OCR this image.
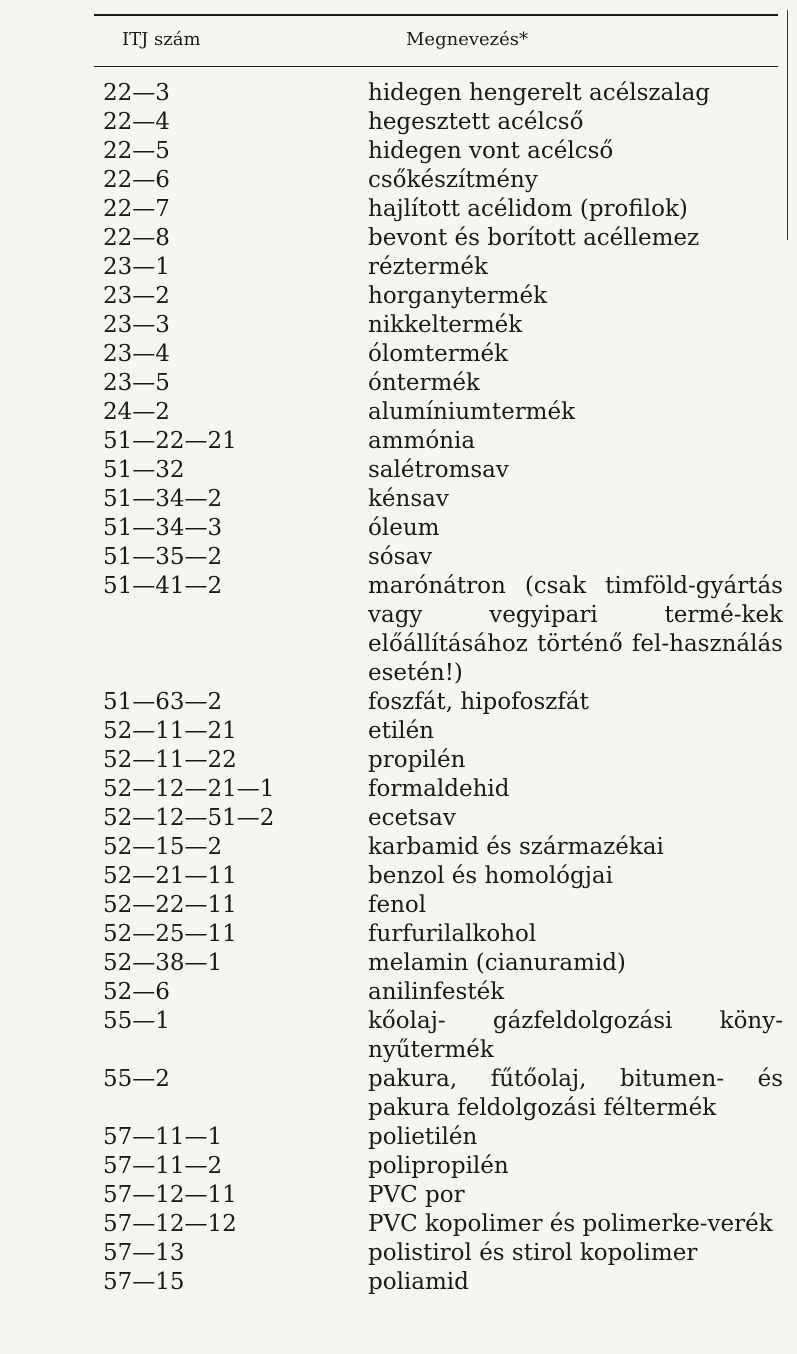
ITJ szám	Megnevezés*
22—3	hidegen hengerelt acélszalag
22—4	hegesztett acélcső
22—5	hidegen vont acélcső
22—6	csőkészítmény
22—7	hajlított acélidom (profilok)
22—8	bevont és borított acéllemez
23—1	réztermék
23—2	horganytermék
23—3	nikkeltermék
23—4	ólomtermék
23—5	óntermék
24—2	alumíniumtermék
51—22—21	ammónia
51—32	salétromsav
51—34—2	kénsav
51—34—3	óleum
51—35—2	sósav
51—41—2	marónátron (csak timföld-gyártás vagy vegyipari termé-kek előállításához történő fel-használás esetén!)
51—63—2	foszfát, hipofoszfát
52—11—21	etilén
52—11—22	propilén
52—12—21—1	formaldehid
52—12—51—2	ecetsav
52—15—2	karbamid és származékai
52—21—11	benzol és homológjai
52—22—11	fenol
52—25—11	furfurilalkohol
52—38—1	melamin (cianuramid)
52—6	anilinfesték
55—1	kőolaj- gázfeldolgozási köny-nyűtermék
55—2	pakura, fűtőolaj, bitumen- és pakura feldolgozási féltermék
57—11—1	polietilén
57—11—2	polipropilén
57—12—11	PVC por
57—12—12	PVC kopolimer és polimerke-verék
57—13	polistirol és stirol kopolimer
57—15	poliamid
